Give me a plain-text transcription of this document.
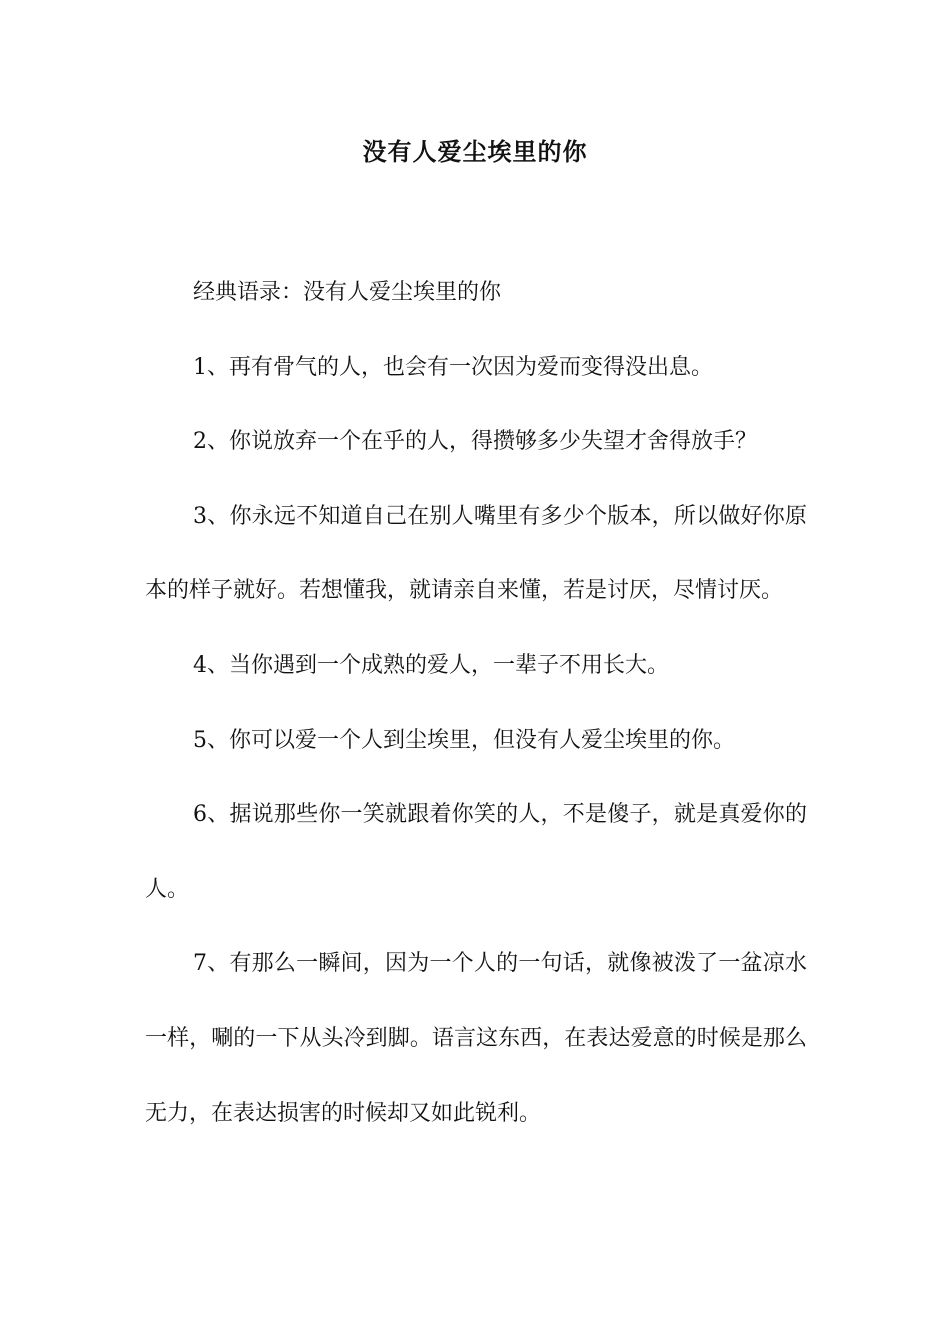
没有人爱尘埃里的你

经典语录：没有人爱尘埃里的你

1、再有骨气的人，也会有一次因为爱而变得没出息。

2、你说放弃一个在乎的人，得攒够多少失望才舍得放手？

3、你永远不知道自己在别人嘴里有多少个版本，所以做好你原本的样子就好。若想懂我，就请亲自来懂，若是讨厌，尽情讨厌。

4、当你遇到一个成熟的爱人，一辈子不用长大。

5、你可以爱一个人到尘埃里，但没有人爱尘埃里的你。

6、据说那些你一笑就跟着你笑的人，不是傻子，就是真爱你的人。

7、有那么一瞬间，因为一个人的一句话，就像被泼了一盆凉水一样，唰的一下从头冷到脚。语言这东西，在表达爱意的时候是那么无力，在表达损害的时候却又如此锐利。
